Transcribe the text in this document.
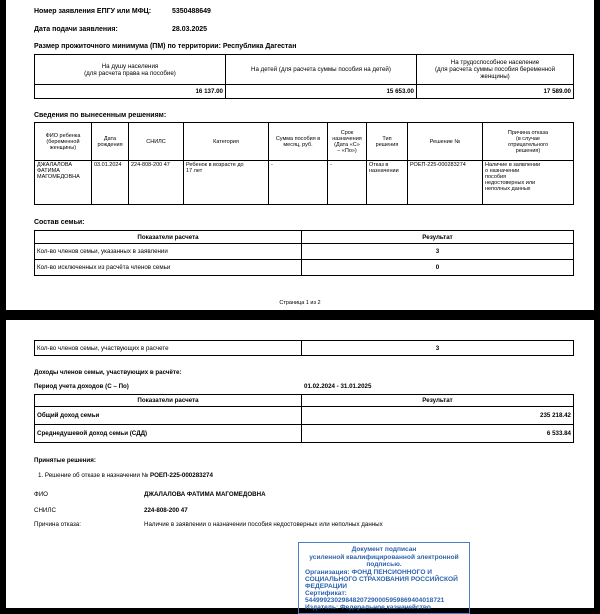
Номер заявления ЕПГУ или МФЦ:	5350488649
Дата подачи заявления:	28.03.2025
Размер прожиточного минимума (ПМ) по территории: Республика Дагестан
На душу населения
(для расчета права на пособие)	На детей (для расчета суммы пособия на детей)	На трудоспособное население
(для расчета суммы пособия беременной
женщины)
16 137.00	15 653.00	17 589.00
Сведения по вынесенным решениям:
ФИО ребенка
(беременной
женщины)	Дата
рождения	СНИЛС	Категория	Сумма пособия в
месяц, руб.	Срок
назначения
(Дата «С»
– «По»)	Тип
решения	Решение №	Причина отказа
(в случае
отрицательного
решения)
ДЖАЛАЛОВА
ФАТИМА
МАГОМЕДОВНА	03.01.2024	224-808-200 47	Ребенок в возрасте до
17 лет	-	-	Отказ в
назначении	РОЕП-225-000283274	Наличие в заявлении
о назначении
пособия
недостоверных или
неполных данных
Состав семьи:
Показатели расчета	Результат
Кол-во членов семьи, указанных в заявлении	3
Кол-во исключенных из расчёта членов семьи	0
Страница 1 из 2
Кол-во членов семьи, участвующих в расчете	3
Доходы членов семьи, участвующих в расчёте:
Период учета доходов (С – По)	01.02.2024 - 31.01.2025
Показатели расчета	Результат
Общий доход семьи	235 218.42
Среднедушевой доход семьи (СДД)	6 533.84
Принятые решения:
1. Решение об отказе в назначении № РОЕП-225-000283274
ФИО	ДЖАЛАЛОВА ФАТИМА МАГОМЕДОВНА
СНИЛС	224-808-200 47
Причина отказа:	Наличие в заявлении о назначении пособия недостоверных или неполных данных
Документ подписан
усиленной квалифицированной электронной
подписью.
Организация: ФОНД ПЕНСИОННОГО И СОЦИАЛЬНОГО СТРАХОВАНИЯ РОССИЙСКОЙ ФЕДЕРАЦИИ
Сертификат: 54499923029848207290005959869404018721
Издатель: Федеральное казначейство
